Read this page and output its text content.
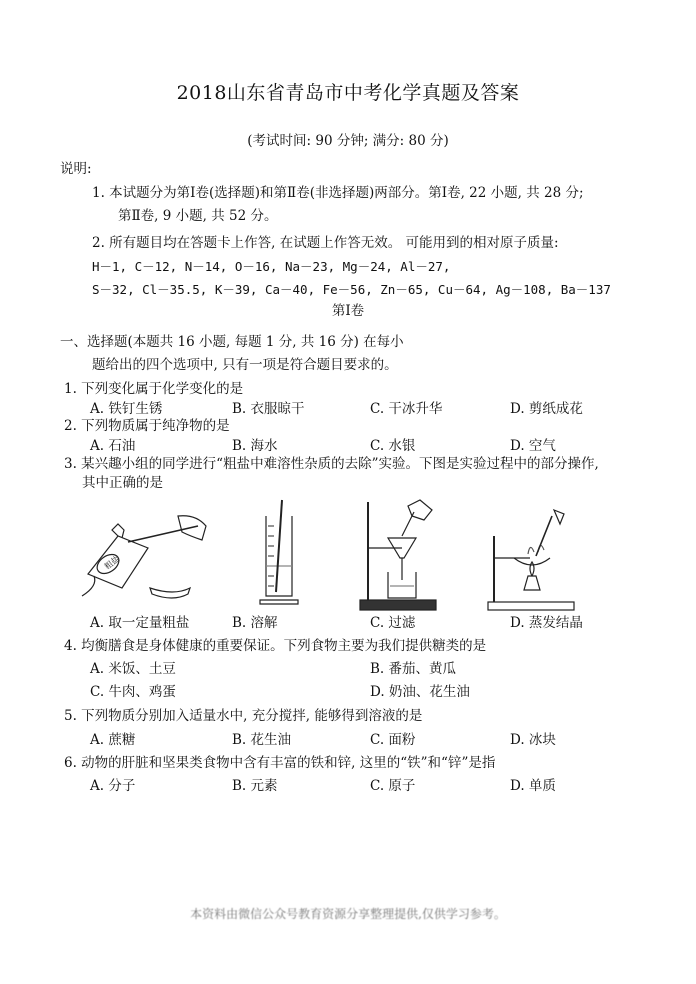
2018山东省青岛市中考化学真题及答案
(考试时间: 90 分钟; 满分: 80 分)
说明:
1. 本试题分为第Ⅰ卷(选择题)和第Ⅱ卷(非选择题)两部分。第Ⅰ卷, 22 小题, 共 28 分;
第Ⅱ卷, 9 小题, 共 52 分。
2. 所有题目均在答题卡上作答, 在试题上作答无效。 可能用到的相对原子质量:
H－1, C－12, N－14, O－16, Na－23, Mg－24, Al－27,
S－32, Cl－35.5, K－39, Ca－40, Fe－56, Zn－65, Cu－64, Ag－108, Ba－137
第Ⅰ卷
一、选择题(本题共 16 小题, 每题 1 分, 共 16 分) 在每小
题给出的四个选项中, 只有一项是符合题目要求的。
1. 下列变化属于化学变化的是
A. 铁钉生锈	B. 衣服晾干	C. 干冰升华	D. 剪纸成花
2. 下列物质属于纯净物的是
A. 石油	B. 海水	C. 水银	D. 空气
3. 某兴趣小组的同学进行“粗盐中难溶性杂质的去除”实验。下图是实验过程中的部分操作,
其中正确的是
粗盐
A. 取一定量粗盐	B. 溶解	C. 过滤	D. 蒸发结晶
4. 均衡膳食是身体健康的重要保证。下列食物主要为我们提供糖类的是
A. 米饭、土豆	B. 番茄、黄瓜
C. 牛肉、鸡蛋	D. 奶油、花生油
5. 下列物质分别加入适量水中, 充分搅拌, 能够得到溶液的是
A. 蔗糖	B. 花生油	C. 面粉	D. 冰块
6. 动物的肝脏和坚果类食物中含有丰富的铁和锌, 这里的“铁”和“锌”是指
A. 分子	B. 元素	C. 原子	D. 单质
本资料由微信公众号教育资源分享整理提供,仅供学习参考。
